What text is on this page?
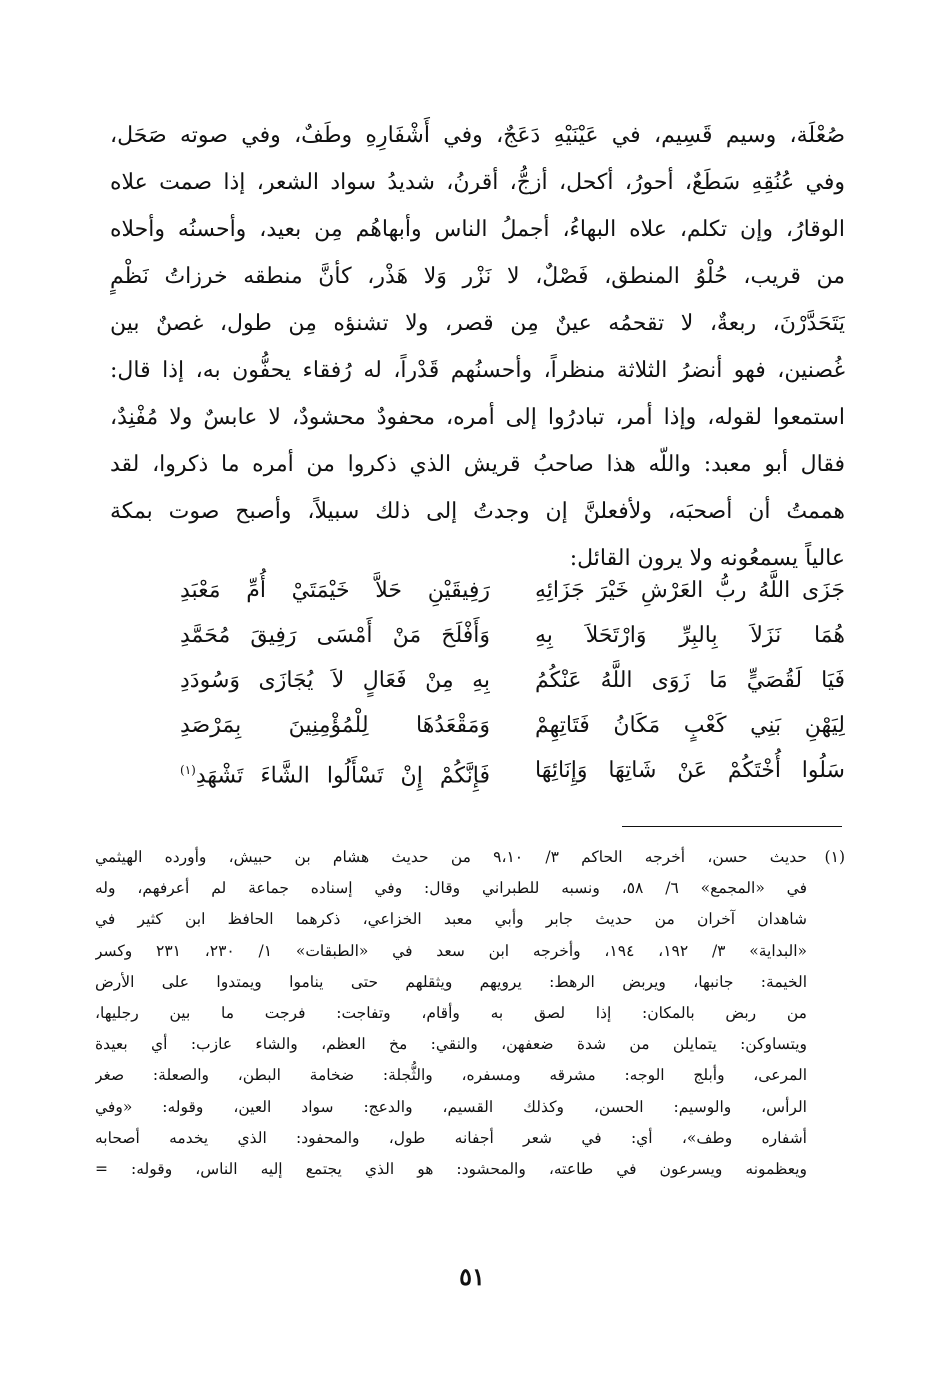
صُعْلَة، وسيم قَسِيم، في عَيْنَيْهِ دَعَجٌ، وفي أَشْفَارِهِ وطَفٌ، وفي صوته صَحَل،
وفي عُنُقِهِ سَطَعٌ، أحورُ، أكحل، أزجُّ، أقرنُ، شديدُ سواد الشعر، إذا صمت علاه
الوقارُ، وإن تكلم، علاه البهاءُ، أجملُ الناس وأبهاهُم مِن بعيد، وأحسنُه وأحلاه
من قريب، حُلْوُ المنطق، فَصْلٌ، لا نَزْر وَلا هَذْر، كأنَّ منطقه خرزاتُ نَظْمٍ
يَتَحَدَّرْنَ، ربعةٌ، لا تقحمُه عينٌ مِن قصر، ولا تشنؤه مِن طول، غصنٌ بين
غُصنين، فهو أنضرُ الثلاثة منظراً، وأحسنُهم قَدْراً، له رُفقاء يحفُّون به، إذا قال:
استمعوا لقوله، وإذا أمر، تبادرُوا إلى أمره، محفودٌ محشودٌ، لا عابسٌ ولا مُفْنِدٌ،
فقال أبو معبد: واللّه هذا صاحبُ قريش الذي ذكروا من أمره ما ذكروا، لقد
هممتُ أن أصحبَه، ولأفعلنَّ إن وجدتُ إلى ذلك سبيلاً، وأصبح صوت بمكة
عالياً يسمعُونه ولا يرون القائل:
جَزَى اللَّهُ ربُّ العَرْشِ خَيْرَ جَزَائِهِ
رَفِيقَيْنِ حَلاَّ خَيْمَتَيْ أُمِّ مَعْبَدِ
هُمَا نَزَلاَ بِالبِرِّ وَارْتَحَلاَ بِهِ
وَأَفْلَحَ مَنْ أَمْسَى رَفِيقَ مُحَمَّدِ
فَيَا لَقُصَيٍّ مَا زَوَى اللَّهُ عَنْكُمُ
بِهِ مِنْ فَعَالٍ لاَ يُجَازَى وَسُودَدِ
لِيَهْنِ بَنِي كَعْبٍ مَكَانُ فَتَاتِهِمْ
وَمَقْعَدُهَا لِلْمُؤْمِنِينَ بِمَرْصَدِ
سَلُوا أُخْتَكُمْ عَنْ شَاتِهَا وَإِنَائِهَا
فَإِنَّكُمْ إِنْ تَسْأَلُوا الشَّاءَ تَشْهَدِ$^{(١)}$
(١)
حديث حسن، أخرجه الحاكم ٣/ ٩،١٠ من حديث هشام بن حبيش، وأورده الهيثمي
في «المجمع» ٦/ ٥٨، ونسبه للطبراني وقال: وفي إسناده جماعة لم أعرفهم، وله
شاهدان آخران من حديث جابر وأبي معبد الخزاعي، ذكرهما الحافظ ابن كثير في
«البداية» ٣/ ١٩٢، ١٩٤، وأخرجه ابن سعد في «الطبقات» ١/ ٢٣٠، ٢٣١ وكسر
الخيمة: جانبها، ويربض الرهط: يرويهم ويثقلهم حتى يناموا ويمتدوا على الأرض
من ربض بالمكان: إذا لصق به وأقام، وتفاجت: فرجت ما بين رجليها،
ويتساوكن: يتمايلن من شدة ضعفهن، والنقي: مخ العظم، والشاء عازب: أي بعيدة
المرعى، وأبلج الوجه: مشرقه ومسفره، والثُّجلة: ضخامة البطن، والصعلة: صغر
الرأس، والوسيم: الحسن، وكذلك القسيم، والدعج: سواد العين، وقوله: «وفي
أشفاره وطف»، أي: في شعر أجفانه طول، والمحفود: الذي يخدمه أصحابه
ويعظمونه ويسرعون في طاعته، والمحشود: هو الذي يجتمع إليه الناس، وقوله: =
٥١
